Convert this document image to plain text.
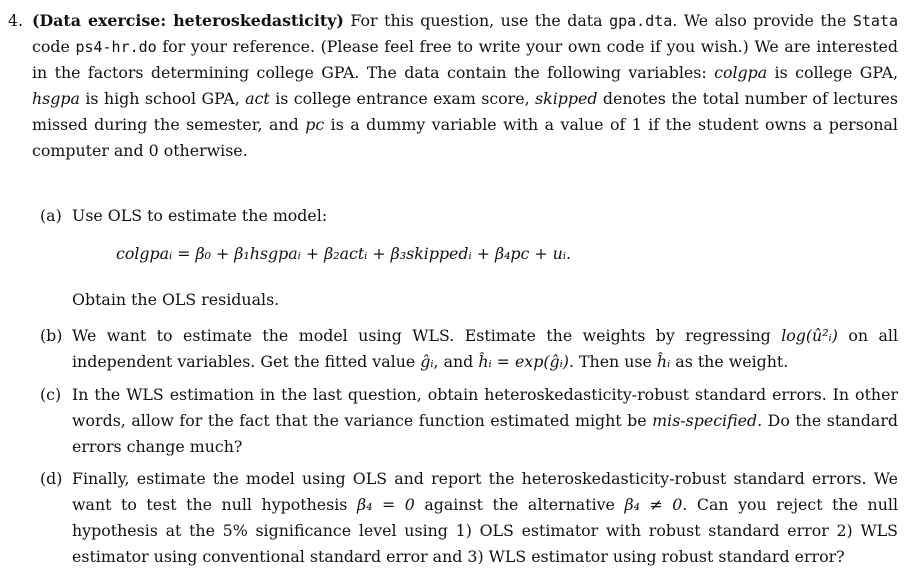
4. (Data exercise: heteroskedasticity) For this question, use the data gpa.dta. We also provide the Stata code ps4-hr.do for your reference. (Please feel free to write your own code if you wish.) We are interested in the factors determining college GPA. The data contain the following variables: colgpa is college GPA, hsgpa is high school GPA, act is college entrance exam score, skipped denotes the total number of lectures missed during the semester, and pc is a dummy variable with a value of 1 if the student owns a personal computer and 0 otherwise.
(a) Use OLS to estimate the model:
colgpaᵢ = β₀ + β₁hsgpaᵢ + β₂actᵢ + β₃skippedᵢ + β₄pc + uᵢ.
Obtain the OLS residuals.
(b) We want to estimate the model using WLS. Estimate the weights by regressing log(û²ᵢ) on all independent variables. Get the fitted value ĝᵢ, and ĥᵢ = exp(ĝᵢ). Then use ĥᵢ as the weight.
(c) In the WLS estimation in the last question, obtain heteroskedasticity-robust standard errors. In other words, allow for the fact that the variance function estimated might be mis-specified. Do the standard errors change much?
(d) Finally, estimate the model using OLS and report the heteroskedasticity-robust standard errors. We want to test the null hypothesis β₄ = 0 against the alternative β₄ ≠ 0. Can you reject the null hypothesis at the 5% significance level using 1) OLS estimator with robust standard error 2) WLS estimator using conventional standard error and 3) WLS estimator using robust standard error?
